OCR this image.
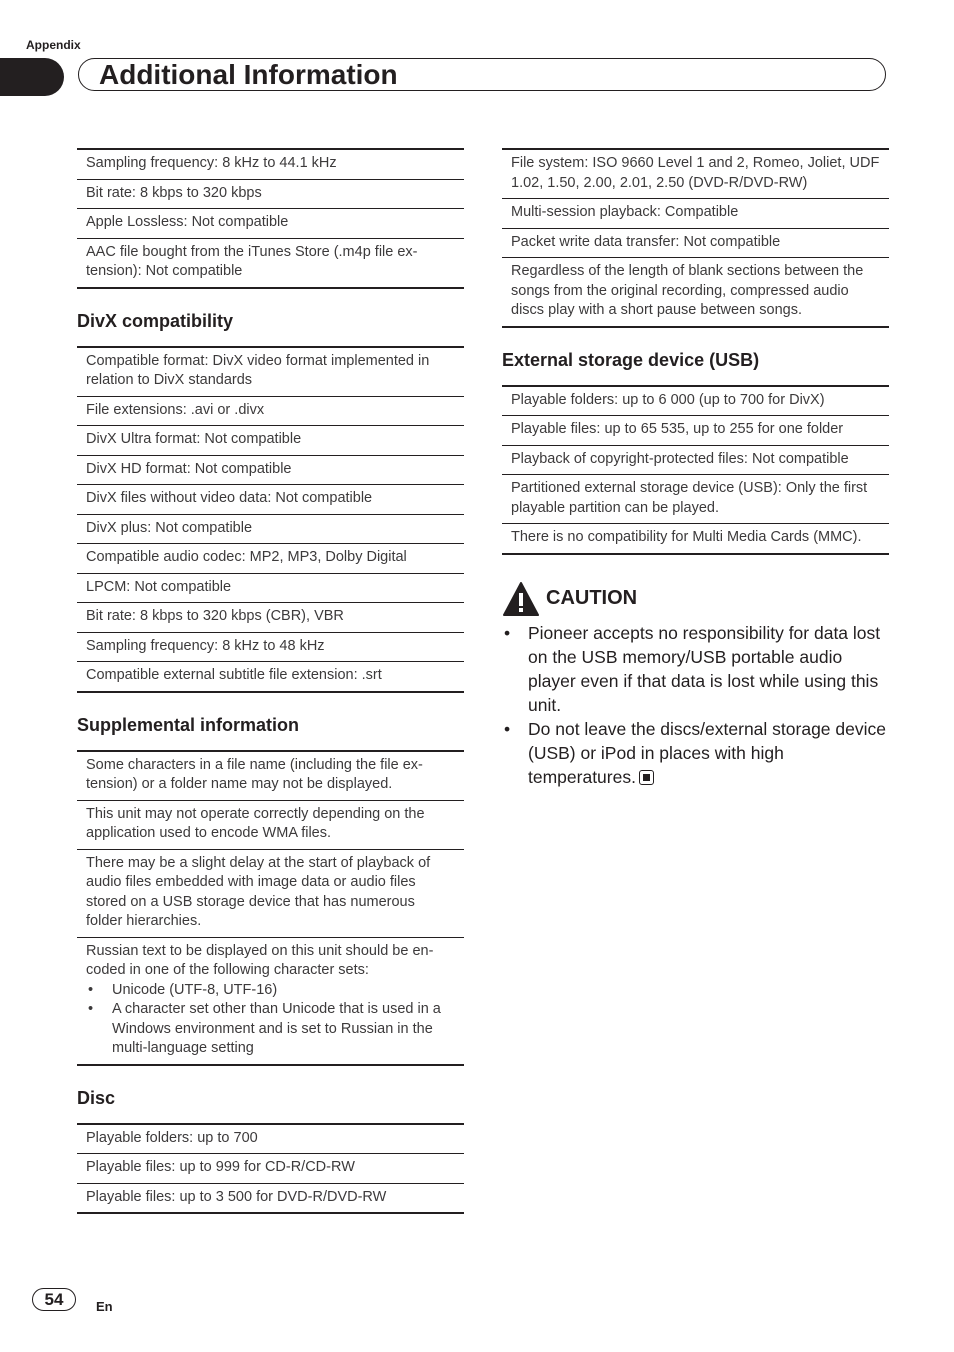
Appendix
Additional Information
Sampling frequency: 8 kHz to 44.1 kHz
Bit rate: 8 kbps to 320 kbps
Apple Lossless: Not compatible
AAC file bought from the iTunes Store (.m4p file ex-tension): Not compatible
DivX compatibility
Compatible format: DivX video format implemented in relation to DivX standards
File extensions: .avi or .divx
DivX Ultra format: Not compatible
DivX HD format: Not compatible
DivX files without video data: Not compatible
DivX plus: Not compatible
Compatible audio codec: MP2, MP3, Dolby Digital
LPCM: Not compatible
Bit rate: 8 kbps to 320 kbps (CBR), VBR
Sampling frequency: 8 kHz to 48 kHz
Compatible external subtitle file extension: .srt
Supplemental information
Some characters in a file name (including the file ex-tension) or a folder name may not be displayed.
This unit may not operate correctly depending on the application used to encode WMA files.
There may be a slight delay at the start of playback of audio files embedded with image data or audio files stored on a USB storage device that has numerous folder hierarchies.
Russian text to be displayed on this unit should be en-coded in one of the following character sets:
• Unicode (UTF-8, UTF-16)
• A character set other than Unicode that is used in a Windows environment and is set to Russian in the multi-language setting
Disc
Playable folders: up to 700
Playable files: up to 999 for CD-R/CD-RW
Playable files: up to 3 500 for DVD-R/DVD-RW
File system: ISO 9660 Level 1 and 2, Romeo, Joliet, UDF 1.02, 1.50, 2.00, 2.01, 2.50 (DVD-R/DVD-RW)
Multi-session playback: Compatible
Packet write data transfer: Not compatible
Regardless of the length of blank sections between the songs from the original recording, compressed audio discs play with a short pause between songs.
External storage device (USB)
Playable folders: up to 6 000 (up to 700 for DivX)
Playable files: up to 65 535, up to 255 for one folder
Playback of copyright-protected files: Not compatible
Partitioned external storage device (USB): Only the first playable partition can be played.
There is no compatibility for Multi Media Cards (MMC).
CAUTION
• Pioneer accepts no responsibility for data lost on the USB memory/USB portable audio player even if that data is lost while using this unit.
• Do not leave the discs/external storage device (USB) or iPod in places with high temperatures.
54	En
